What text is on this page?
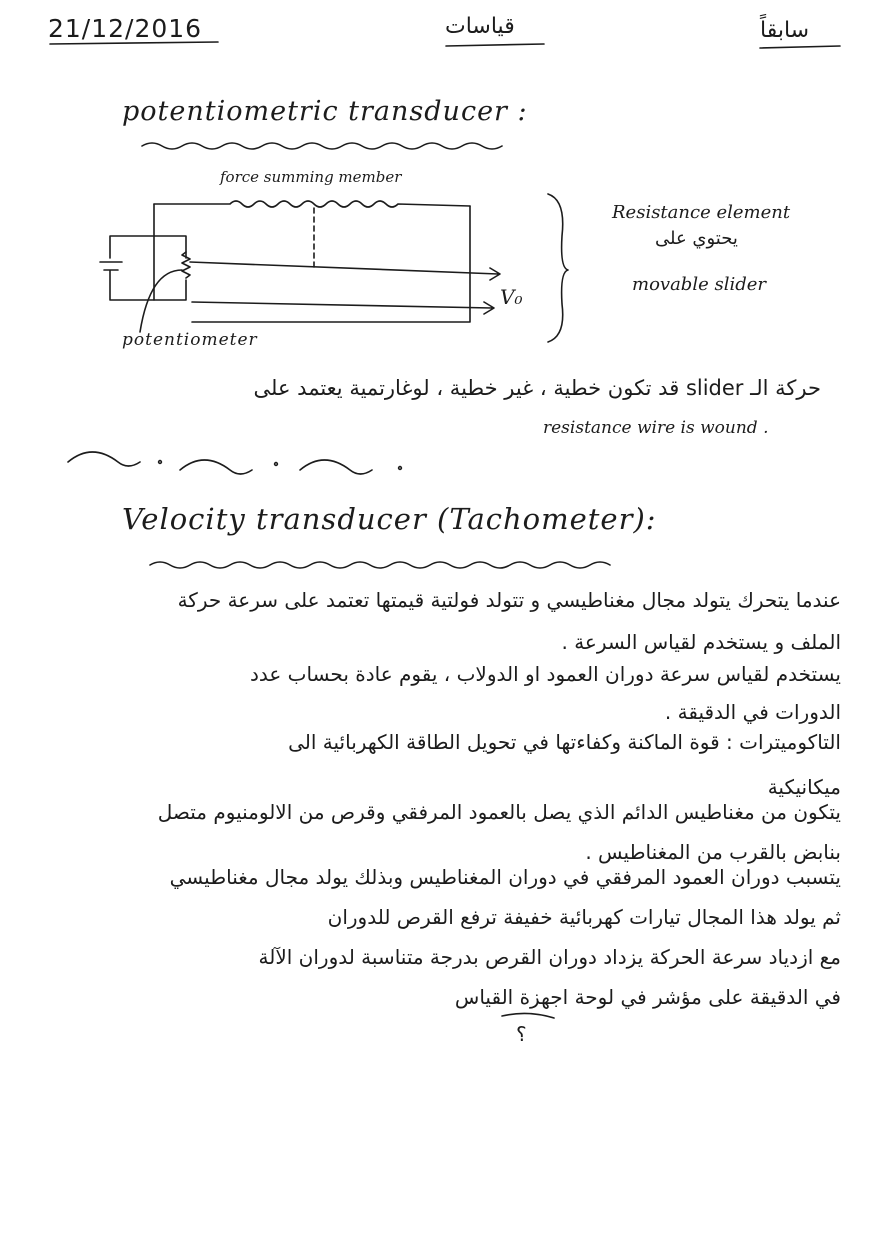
21/12/2016	قياسات	سابقاً
potentiometric transducer :
force summing member
potentiometer
V₀
Resistance element
يحتوي على
movable slider
حركة الـ slider قد تكون خطية ، غير خطية ، لوغارتمية يعتمد على
resistance wire is wound .
Velocity transducer (Tachometer):
عندما يتحرك يتولد مجال مغناطيسي و تتولد فولتية قيمتها تعتمد على سرعة حركة
الملف و يستخدم لقياس السرعة .
يستخدم لقياس سرعة دوران العمود او الدولاب ، يقوم عادة بحساب عدد
الدورات في الدقيقة .
التاكوميترات : قوة الماكنة وكفاءتها في تحويل الطاقة الكهربائية الى
ميكانيكية
يتكون من مغناطيس الدائم الذي يصل بالعمود المرفقي وقرص من الالومنيوم متصل
بنابض بالقرب من المغناطيس .
يتسبب دوران العمود المرفقي في دوران المغناطيس وبذلك يولد مجال مغناطيسي
ثم يولد هذا المجال تيارات كهربائية خفيفة ترفع القرص للدوران
مع ازدياد سرعة الحركة يزداد دوران القرص بدرجة متناسبة لدوران الآلة
في الدقيقة على مؤشر في لوحة اجهزة القياس
؟
